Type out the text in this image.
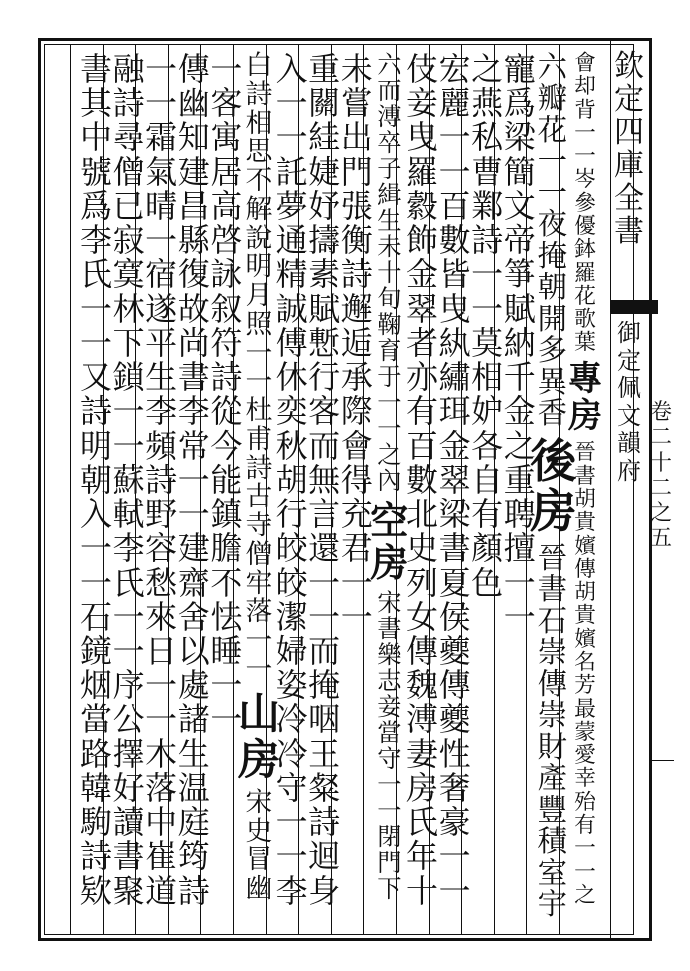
欽
定
四
庫
全
書
御
定
佩
文
韻
府
卷
二
十
二
之
五
會
却
背
一
一
岑
參
優
鉢
羅
花
歌
葉
專
房
晉
書
胡
貴
嬪
傳
胡
貴
嬪
名
芳
最
蒙
愛
幸
殆
有
一
一
之
六
瓣
花
一
一
夜
掩
朝
開
多
異
香
後
房
晉
書
石
崇
傳
崇
財
產
豐
積
室
宇
寵
爲
梁
簡
文
帝
箏
賦
納
千
金
之
重
聘
擅
一
一
之
燕
私
曹
鄴
詩
一
一
莫
相
妒
各
自
有
顏
色
宏
麗
一
一
百
數
皆
曳
紈
繡
珥
金
翠
梁
書
夏
侯
夔
傳
夔
性
奢
豪
一
一
伎
妾
曳
羅
縠
飾
金
翠
者
亦
有
百
數
北
史
列
女
傳
魏
溥
妻
房
氏
年
十
六
而
溥
卒
子
緝
生
未
十
旬
鞠
育
于
一
一
之
內
空
房
宋
書
樂
志
妾
當
守
一
一
閉
門
下
未
嘗
出
門
張
衡
詩
邂
逅
承
際
會
得
充
君
一
一
重
關
絓
婕
妤
擣
素
賦
慙
行
客
而
無
言
還
一
一
而
掩
咽
王
粲
詩
迴
身
入
一
一
託
夢
通
精
誠
傅
休
奕
秋
胡
行
皎
皎
潔
婦
姿
冷
冷
守
一
一
李
白
詩
相
思
不
解
說
明
月
照
一
一
杜
甫
詩
古
寺
僧
牢
落
一
一
山
房
宋
史
冒
幽
一
客
寓
居
高
啓
詠
叙
符
詩
從
今
能
鎮
膽
不
怯
睡
一
一
傳
幽
知
建
昌
縣
復
故
尚
書
李
常
一
一
建
齋
舍
以
處
諸
生
温
庭
筠
詩
一
一
霜
氣
晴
一
宿
遂
平
生
李
頻
詩
野
容
愁
來
日
一
一
木
落
中
崔
道
融
詩
尋
僧
已
寂
寞
林
下
鎖
一
一
蘇
軾
李
氏
一
一
序
公
擇
好
讀
書
聚
書
其
中
號
爲
李
氏
一
一
又
詩
明
朝
入
一
一
石
鏡
烟
當
路
韓
駒
詩
欵
